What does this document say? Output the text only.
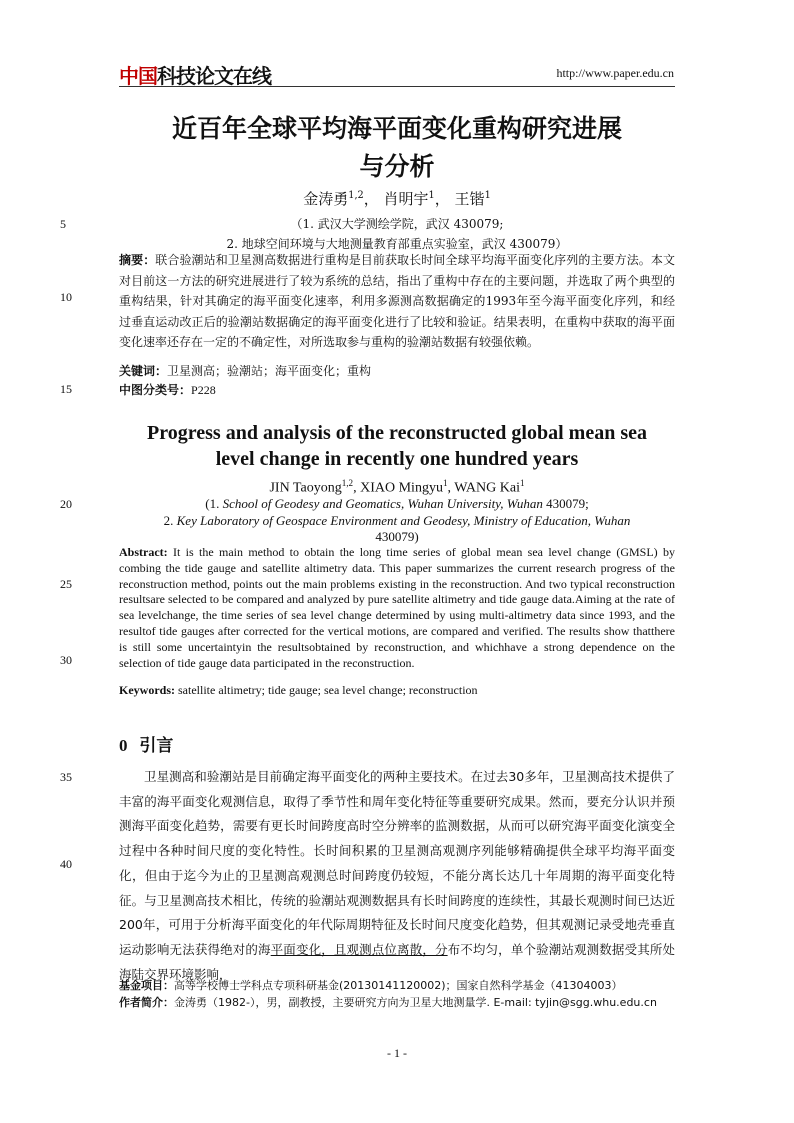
中国科技论文在线	http://www.paper.edu.cn
近百年全球平均海平面变化重构研究进展
与分析
金涛勇$^{1,2}$， 肖明宇$^1$， 王锴$^1$
（1. 武汉大学测绘学院，武汉 430079;
2. 地球空间环境与大地测量教育部重点实验室，武汉 430079）
5
10
15
20
25
30
35
40
摘要：联合验潮站和卫星测高数据进行重构是目前获取长时间全球平均海平面变化序列的主要方法。本文对目前这一方法的研究进展进行了较为系统的总结，指出了重构中存在的主要问题，并选取了两个典型的重构结果，针对其确定的海平面变化速率，利用多源测高数据确定的1993年至今海平面变化序列，和经过垂直运动改正后的验潮站数据确定的海平面变化进行了比较和验证。结果表明，在重构中获取的海平面变化速率还存在一定的不确定性，对所选取参与重构的验潮站数据有较强依赖。
关键词：卫星测高；验潮站；海平面变化；重构
中图分类号：P228
Progress and analysis of the reconstructed global mean sea
level change in recently one hundred years
JIN Taoyong$^{1,2}$, XIAO Mingyu$^1$, WANG Kai$^1$
(1. School of Geodesy and Geomatics, Wuhan University, Wuhan 430079;
2. Key Laboratory of Geospace Environment and Geodesy, Ministry of Education, Wuhan
430079)
Abstract: It is the main method to obtain the long time series of global mean sea level change (GMSL) by combing the tide gauge and satellite altimetry data. This paper summarizes the current research progress of the reconstruction method, points out the main problems existing in the reconstruction. And two typical reconstruction resultsare selected to be compared and analyzed by pure satellite altimetry and tide gauge data.Aiming at the rate of sea levelchange, the time series of sea level change determined by using multi-altimetry data since 1993, and the resultof tide gauges after corrected for the vertical motions, are compared and verified. The results show thatthere is still some uncertaintyin the resultsobtained by reconstruction, and whichhave a strong dependence on the selection of tide gauge data participated in the reconstruction.
Keywords: satellite altimetry; tide gauge; sea level change; reconstruction
0 引言
卫星测高和验潮站是目前确定海平面变化的两种主要技术。在过去30多年，卫星测高技术提供了丰富的海平面变化观测信息，取得了季节性和周年变化特征等重要研究成果。然而，要充分认识并预测海平面变化趋势，需要有更长时间跨度高时空分辨率的监测数据，从而可以研究海平面变化演变全过程中各种时间尺度的变化特性。长时间积累的卫星测高观测序列能够精确提供全球平均海平面变化，但由于迄今为止的卫星测高观测总时间跨度仍较短，不能分离长达几十年周期的海平面变化特征。与卫星测高技术相比，传统的验潮站观测数据具有长时间跨度的连续性，其最长观测时间已达近200年，可用于分析海平面变化的年代际周期特征及长时间尺度变化趋势，但其观测记录受地壳垂直运动影响无法获得绝对的海平面变化，且观测点位离散，分布不均匀，单个验潮站观测数据受其所处海陆交界环境影响，
基金项目：高等学校博士学科点专项科研基金(20130141120002)；国家自然科学基金（41304003）
作者简介：金涛勇（1982-），男，副教授，主要研究方向为卫星大地测量学. E-mail: tyjin@sgg.whu.edu.cn
- 1 -
